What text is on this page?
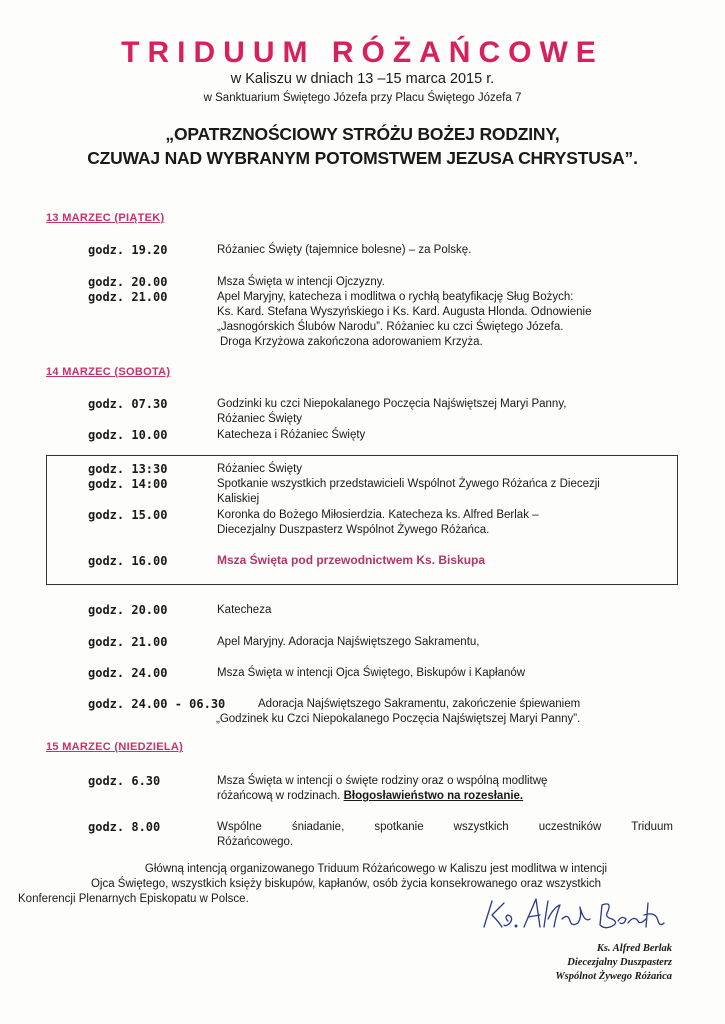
TRIDUUM RÓŻAŃCOWE
w Kaliszu w dniach 13 –15 marca 2015 r.
w Sanktuarium Świętego Józefa przy Placu Świętego Józefa 7
„OPATRZNOŚCIOWY STRÓŻU BOŻEJ RODZINY,
CZUWAJ NAD WYBRANYM POTOMSTWEM JEZUSA CHRYSTUSA”.
13 MARZEC (PIĄTEK)
godz. 19.20	Różaniec Święty (tajemnice bolesne) – za Polskę.
godz. 20.00	Msza Święta w intencji Ojczyzny.
godz. 21.00	Apel Maryjny, katecheza i modlitwa o rychłą beatyfikację Sług Bożych:
Ks. Kard. Stefana Wyszyńskiego i Ks. Kard. Augusta Hlonda. Odnowienie
„Jasnogórskich Ślubów Narodu”. Różaniec ku czci Świętego Józefa.
Droga Krzyżowa zakończona adorowaniem Krzyża.
14 MARZEC (SOBOTA)
godz. 07.30	Godzinki ku czci Niepokalanego Poczęcia Najświętszej Maryi Panny,
Różaniec Święty
godz. 10.00	Katecheza i Różaniec Święty
godz. 13:30	Różaniec Święty
godz. 14:00	Spotkanie wszystkich przedstawicieli Wspólnot Żywego Różańca z Diecezji
Kaliskiej
godz. 15.00	Koronka do Bożego Miłosierdzia. Katecheza ks. Alfred Berlak –
Diecezjalny Duszpasterz Wspólnot Żywego Różańca.
godz. 16.00	Msza Święta pod przewodnictwem Ks. Biskupa
godz. 20.00	Katecheza
godz. 21.00	Apel Maryjny. Adoracja Najświętszego Sakramentu,
godz. 24.00	Msza Święta w intencji Ojca Świętego, Biskupów i Kapłanów
godz. 24.00 - 06.30	Adoracja Najświętszego Sakramentu, zakończenie śpiewaniem
„Godzinek ku Czci Niepokalanego Poczęcia Najświętszej Maryi Panny”.
15 MARZEC (NIEDZIELA)
godz. 6.30	Msza Święta w intencji o święte rodziny oraz o wspólną modlitwę
różańcową w rodzinach. Błogosławieństwo na rozesłanie.
godz. 8.00	Wspólne śniadanie, spotkanie wszystkich uczestników Triduum
Różańcowego.
Główną intencją organizowanego Triduum Różańcowego w Kaliszu jest modlitwa w intencji
Ojca Świętego, wszystkich księży biskupów, kapłanów, osób życia konsekrowanego oraz wszystkich
Konferencji Plenarnych Episkopatu w Polsce.
Ks. Alfred Berlak
Diecezjalny Duszpasterz
Wspólnot Żywego Różańca
